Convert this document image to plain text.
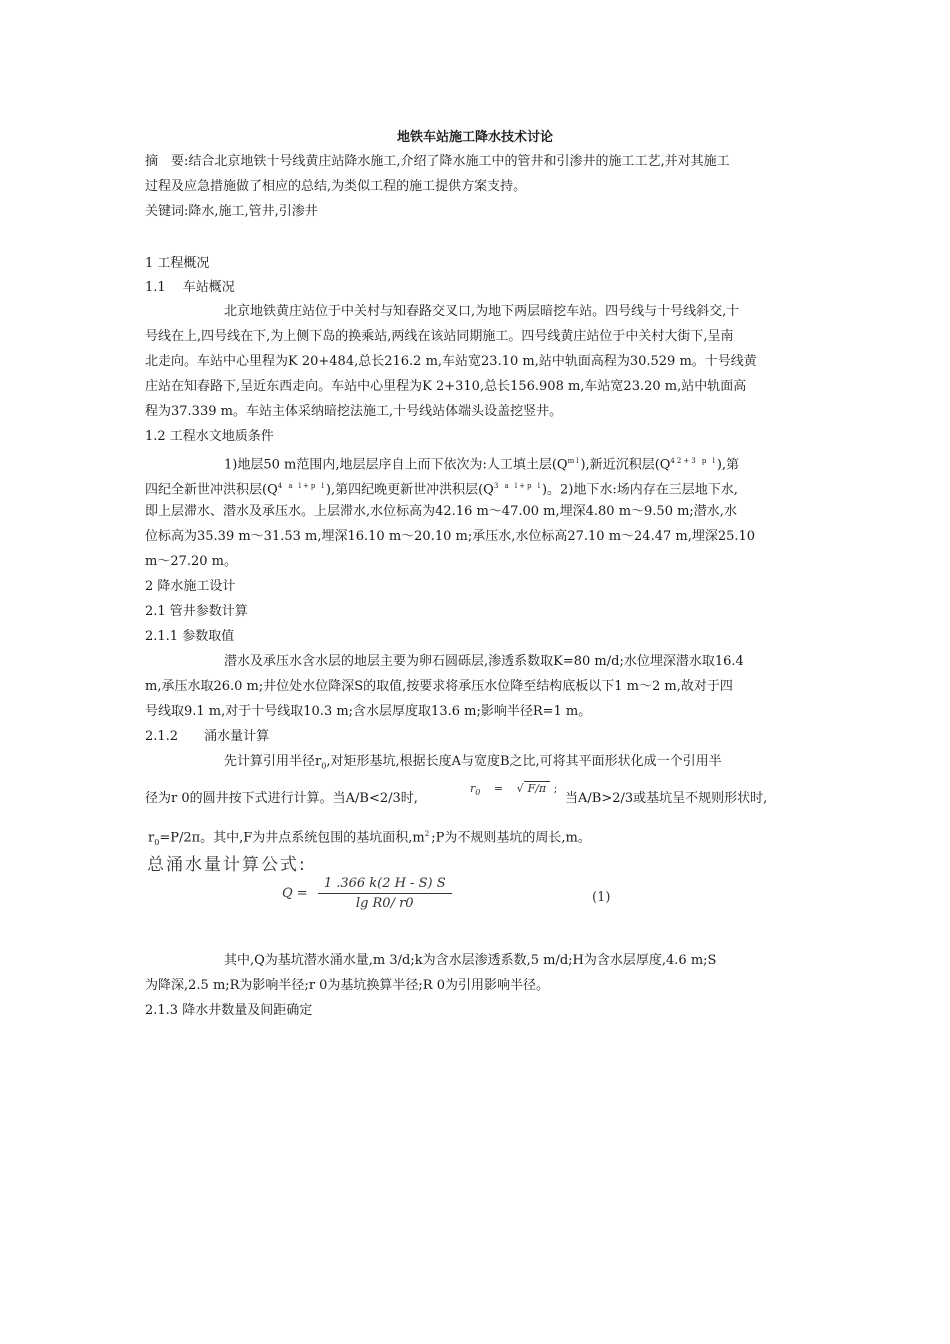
地铁车站施工降水技术讨论
摘　要:结合北京地铁十号线黄庄站降水施工,介绍了降水施工中的管井和引渗井的施工工艺,并对其施工
过程及应急措施做了相应的总结,为类似工程的施工提供方案支持。
关键词:降水,施工,管井,引渗井
1 工程概况
1.1　 车站概况
北京地铁黄庄站位于中关村与知春路交叉口,为地下两层暗挖车站。四号线与十号线斜交,十
号线在上,四号线在下,为上侧下岛的换乘站,两线在该站同期施工。四号线黄庄站位于中关村大街下,呈南
北走向。车站中心里程为K 20+484,总长216.2 m,车站宽23.10 m,站中轨面高程为30.529 m。十号线黄
庄站在知春路下,呈近东西走向。车站中心里程为K 2+310,总长156.908 m,车站宽23.20 m,站中轨面高
程为37.339 m。车站主体采纳暗挖法施工,十号线站体端头设盖挖竖井。
1.2 工程水文地质条件
1)地层50 m范围内,地层层序自上而下依次为:人工填土层$(Q^{ml})$,新近沉积层$(Q^{42+3 p l})$,第
四纪全新世冲洪积层$(Q^{4 a l+p l})$,第四纪晚更新世冲洪积层$(Q^{3 a l+p l})$。2)地下水:场内存在三层地下水,
即上层滞水、潜水及承压水。上层滞水,水位标高为42.16 m～47.00 m,埋深4.80 m～9.50 m;潜水,水
位标高为35.39 m～31.53 m,埋深16.10 m～20.10 m;承压水,水位标高27.10 m～24.47 m,埋深25.10
m～27.20 m。
2 降水施工设计
2.1 管井参数计算
2.1.1 参数取值
潜水及承压水含水层的地层主要为卵石圆砾层,渗透系数取K=80 m/d;水位埋深潜水取16.4
m,承压水取26.0 m;井位处水位降深S的取值,按要求将承压水位降至结构底板以下1 m～2 m,故对于四
号线取9.1 m,对于十号线取10.3 m;含水层厚度取13.6 m;影响半径R=1 m。
2.1.2　　涌水量计算
先计算引用半径$r_0$,对矩形基坑,根据长度A与宽度B之比,可将其平面形状化成一个引用半
径为r 0的圆井按下式进行计算。当A/B<2/3时,
$r_0$ = √ F/π ;
当A/B>2/3或基坑呈不规则形状时,
$r_0=P/2\pi$。其中,F为井点系统包围的基坑面积$,m^2;P$为不规则基坑的周长,m。
总涌水量计算公式:
$Q = \frac{1 .366 k(2 H - S) S}{\text{lg R0/ r0}}$	(1)
其中,Q为基坑潜水涌水量,m 3/d;k为含水层渗透系数,5 m/d;H为含水层厚度,4.6 m;S
为降深,2.5 m;R为影响半径;r 0为基坑换算半径;R 0为引用影响半径。
2.1.3 降水井数量及间距确定
